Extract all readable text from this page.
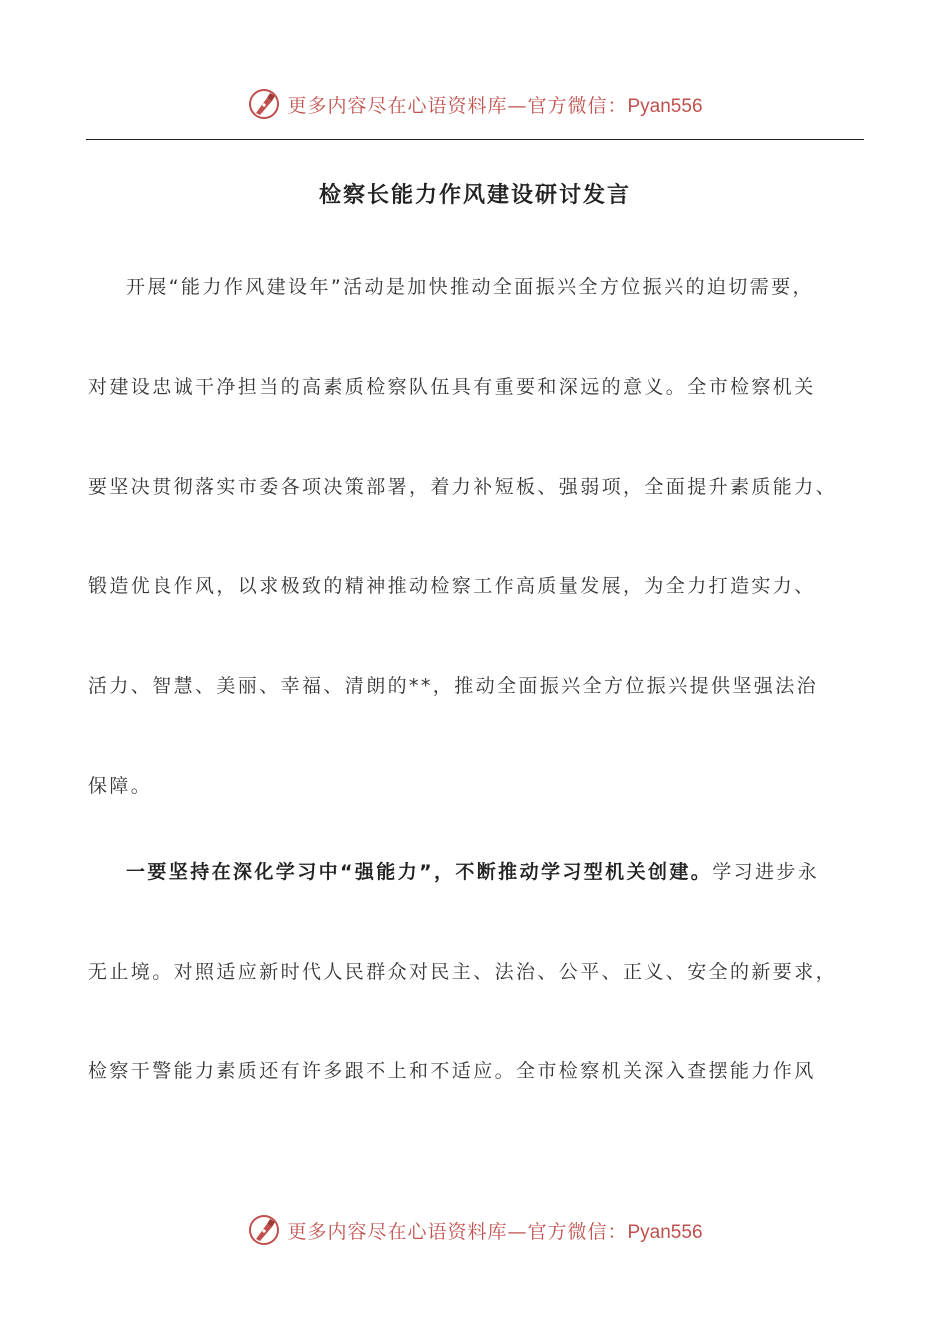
更多内容尽在心语资料库—官方微信：Pyan556
检察长能力作风建设研讨发言
开展“能力作风建设年”活动是加快推动全面振兴全方位振兴的迫切需要，
对建设忠诚干净担当的高素质检察队伍具有重要和深远的意义。全市检察机关
要坚决贯彻落实市委各项决策部署，着力补短板、强弱项，全面提升素质能力、
锻造优良作风，以求极致的精神推动检察工作高质量发展，为全力打造实力、
活力、智慧、美丽、幸福、清朗的**，推动全面振兴全方位振兴提供坚强法治
保障。
一要坚持在深化学习中“强能力”，不断推动学习型机关创建。学习进步永
无止境。对照适应新时代人民群众对民主、法治、公平、正义、安全的新要求，
检察干警能力素质还有许多跟不上和不适应。全市检察机关深入查摆能力作风
更多内容尽在心语资料库—官方微信：Pyan556
